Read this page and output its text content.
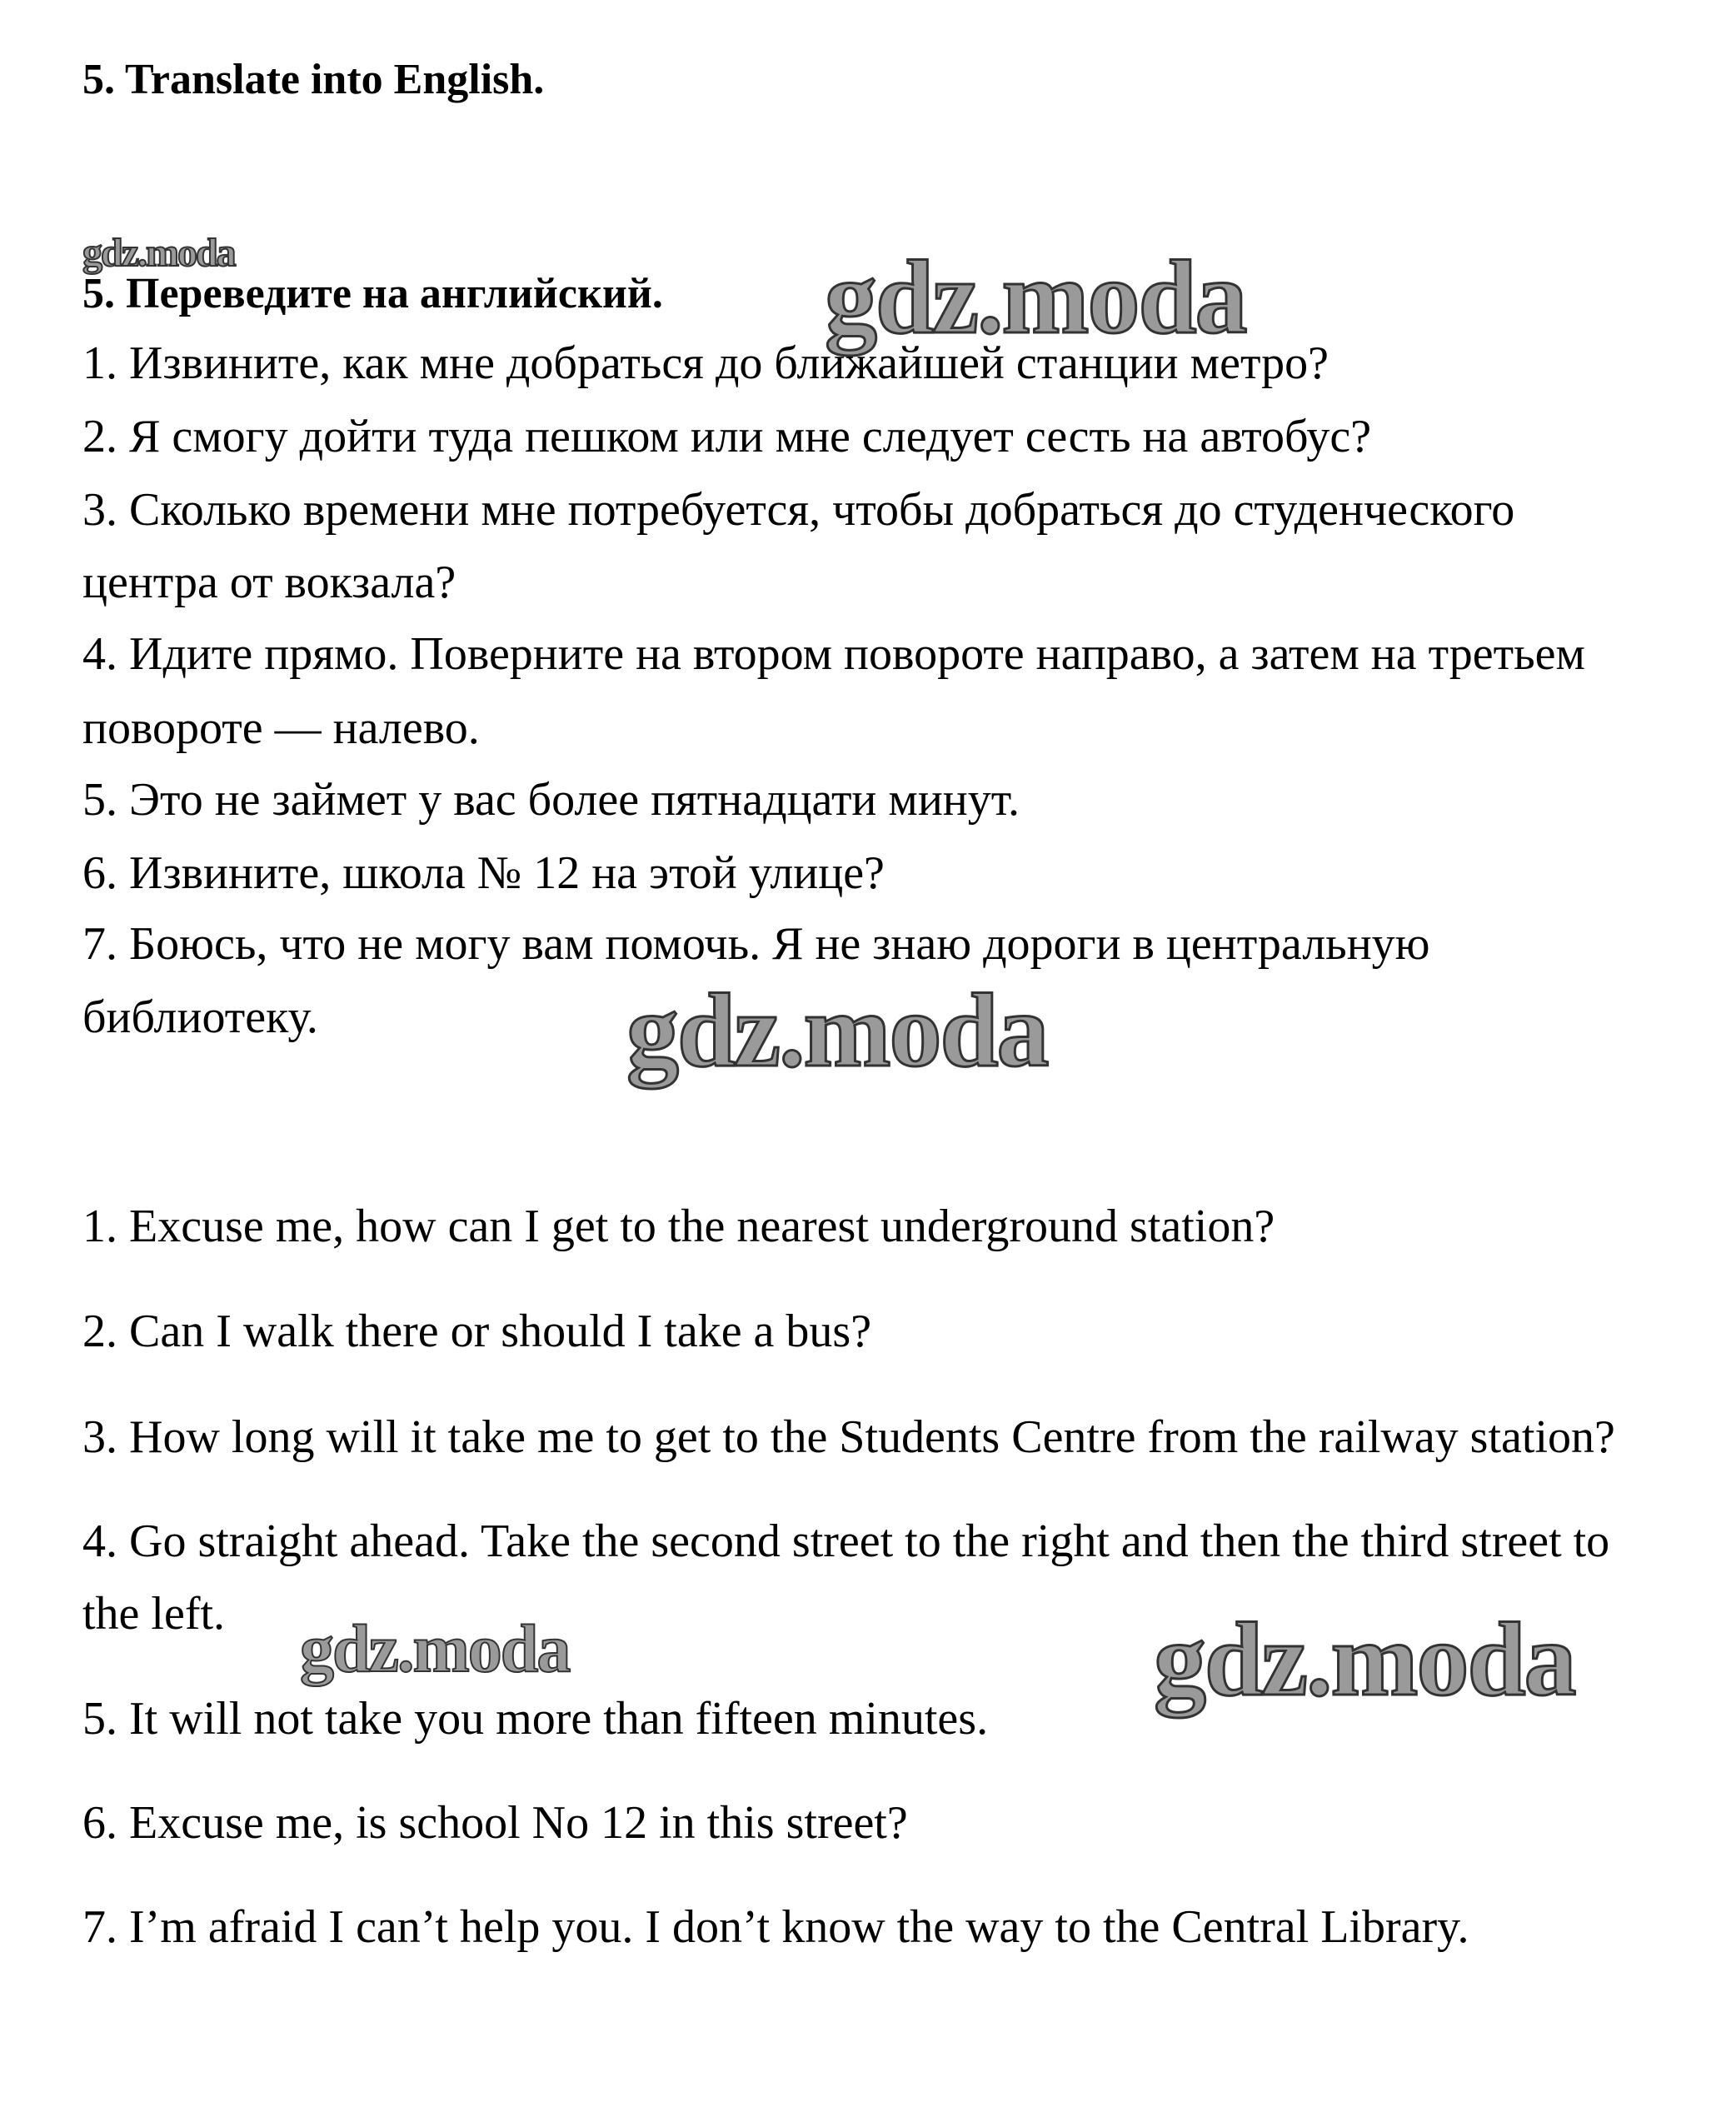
5. Translate into English.
gdz.moda	gdz.moda
gdz.moda
gdz.moda	gdz.moda
5. Переведите на английский.
1. Извините, как мне добраться до ближайшей станции метро?
2. Я смогу дойти туда пешком или мне следует сесть на автобус?
3. Сколько времени мне потребуется, чтобы добраться до студенческого
центра от вокзала?
4. Идите прямо. Поверните на втором повороте направо, а затем на третьем
повороте — налево.
5. Это не займет у вас более пятнадцати минут.
6. Извините, школа № 12 на этой улице?
7. Боюсь, что не могу вам помочь. Я не знаю дороги в центральную
библиотеку.
1. Excuse me, how can I get to the nearest underground station?
2. Can I walk there or should I take a bus?
3. How long will it take me to get to the Students Centre from the railway station?
4. Go straight ahead. Take the second street to the right and then the third street to
the left.
5. It will not take you more than fifteen minutes.
6. Excuse me, is school No 12 in this street?
7. I’m afraid I can’t help you. I don’t know the way to the Central Library.
